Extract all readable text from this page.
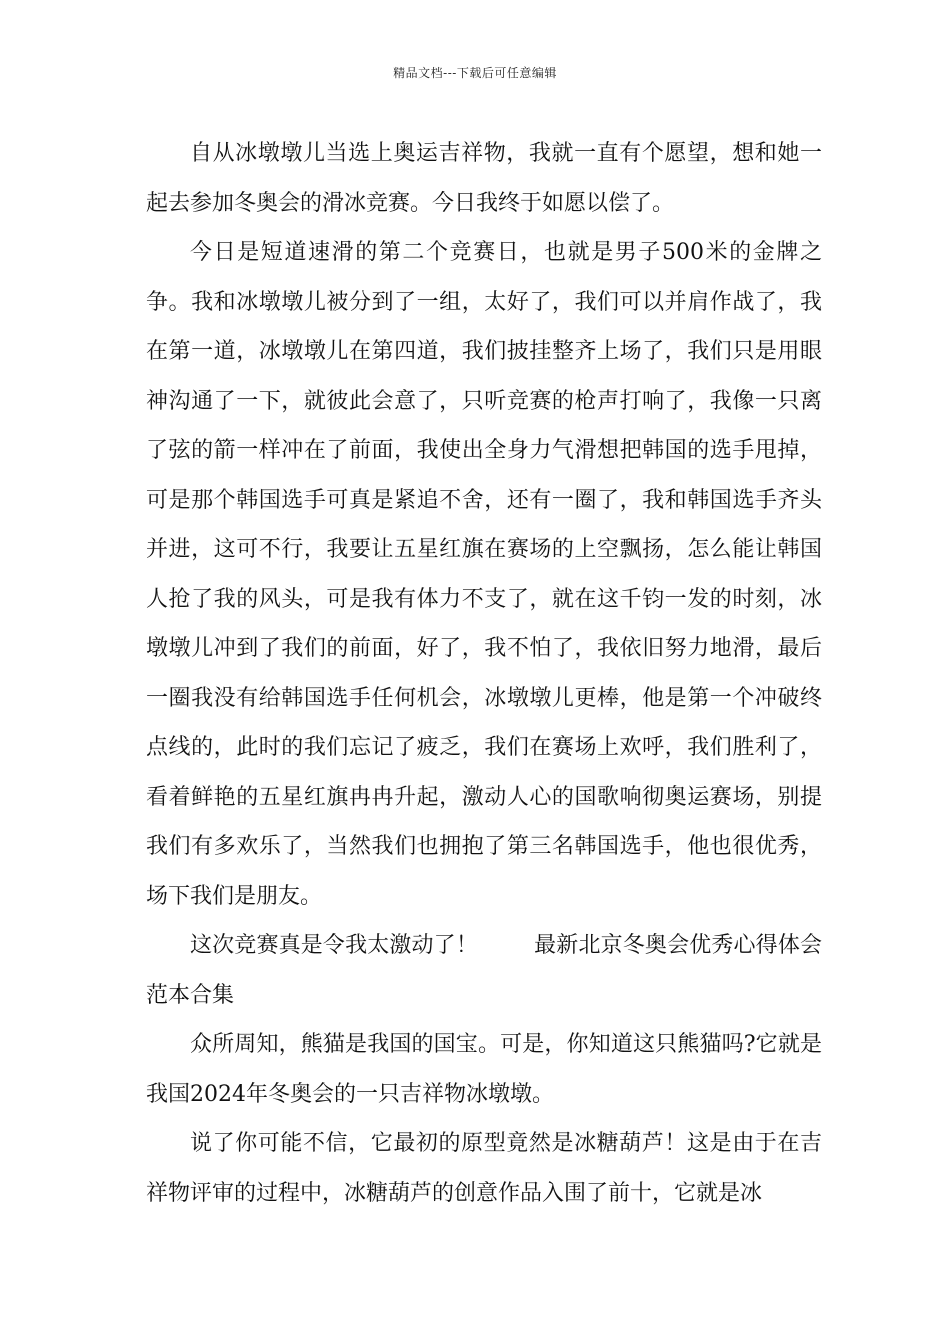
精品文档---下载后可任意编辑

自从冰墩墩儿当选上奥运吉祥物，我就一直有个愿望，想和她一起去参加冬奥会的滑冰竞赛。今日我终于如愿以偿了。

今日是短道速滑的第二个竞赛日，也就是男子500米的金牌之争。我和冰墩墩儿被分到了一组，太好了，我们可以并肩作战了，我在第一道，冰墩墩儿在第四道，我们披挂整齐上场了，我们只是用眼神沟通了一下，就彼此会意了，只听竞赛的枪声打响了，我像一只离了弦的箭一样冲在了前面，我使出全身力气滑想把韩国的选手甩掉，可是那个韩国选手可真是紧追不舍，还有一圈了，我和韩国选手齐头并进，这可不行，我要让五星红旗在赛场的上空飘扬，怎么能让韩国人抢了我的风头，可是我有体力不支了，就在这千钧一发的时刻，冰墩墩儿冲到了我们的前面，好了，我不怕了，我依旧努力地滑，最后一圈我没有给韩国选手任何机会，冰墩墩儿更棒，他是第一个冲破终点线的，此时的我们忘记了疲乏，我们在赛场上欢呼，我们胜利了，看着鲜艳的五星红旗冉冉升起，激动人心的国歌响彻奥运赛场，别提我们有多欢乐了，当然我们也拥抱了第三名韩国选手，他也很优秀，场下我们是朋友。

这次竞赛真是令我太激动了！	最新北京冬奥会优秀心得体会范本合集

众所周知，熊猫是我国的国宝。可是，你知道这只熊猫吗?它就是我国2024年冬奥会的一只吉祥物冰墩墩。

说了你可能不信，它最初的原型竟然是冰糖葫芦！这是由于在吉祥物评审的过程中，冰糖葫芦的创意作品入围了前十，它就是冰
